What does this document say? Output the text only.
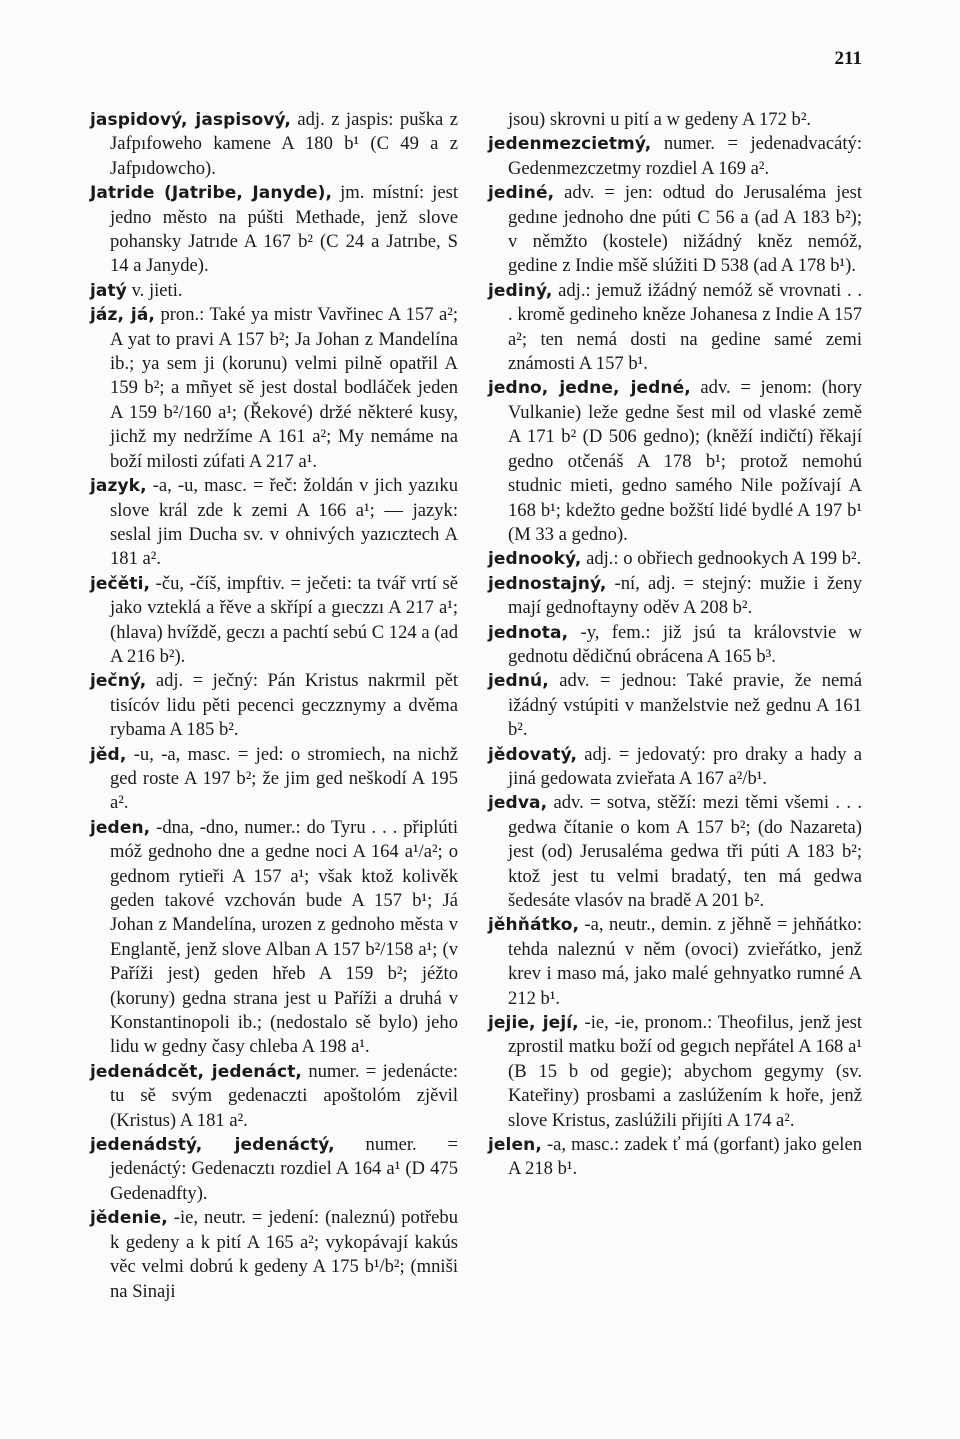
211

jaspidový, jaspisový, adj. z jaspis: puška z Jafpıfoweho kamene A 180 b¹ (C 49 a z Jafpıdowcho).

Jatride (Jatribe, Janyde), jm. místní: jest jedno město na púšti Methade, jenž slove pohansky Jatrıde A 167 b² (C 24 a Jatrıbe, S 14 a Janyde).

jatý v. jieti.

jáz, já, pron.: Také ya mistr Vavřinec A 157 a²; A yat to pravi A 157 b²; Ja Johan z Mandelína ib.; ya sem ji (korunu) velmi pilně opatřil A 159 b²; a mñyet sě jest dostal bodláček jeden A 159 b²/160 a¹; (Řekové) držé některé kusy, jichž my nedržíme A 161 a²; My nemáme na boží milosti zúfati A 217 a¹.

jazyk, -a, -u, masc. = řeč: žoldán v jich yazıku slove král zde k zemi A 166 a¹; — jazyk: seslal jim Ducha sv. v ohnivých yazıcztech A 181 a².

ječěti, -ču, -číš, impftiv. = ječeti: ta tvář vrtí sě jako vzteklá a řěve a skřípí a gıeczzı A 217 a¹; (hlava) hvíždě, geczı a pachtí sebú C 124 a (ad A 216 b²).

ječný, adj. = ječný: Pán Kristus nakrmil pět tisícóv lidu pěti pecenci geczznymy a dvěma rybama A 185 b².

jěd, -u, -a, masc. = jed: o stromiech, na nichž ged roste A 197 b²; že jim ged neškodí A 195 a².

jeden, -dna, -dno, numer.: do Tyru . . . připlúti móž gednoho dne a gedne noci A 164 a¹/a²; o gednom rytieři A 157 a¹; však ktož kolivěk geden takové vzchován bude A 157 b¹; Já Johan z Mandelína, urozen z gednoho města v Englantě, jenž slove Alban A 157 b²/158 a¹; (v Paříži jest) geden hřeb A 159 b²; jéžto (koruny) gedna strana jest u Paříži a druhá v Konstantinopoli ib.; (nedostalo sě bylo) jeho lidu w gedny časy chleba A 198 a¹.

jedenádcět, jedenáct, numer. = jedenácte: tu sě svým gedenaczti apoštolóm zjěvil (Kristus) A 181 a².

jedenádstý, jedenáctý, numer. = jedenáctý: Gedenacztı rozdiel A 164 a¹ (D 475 Gedenadfty).

jědenie, -ie, neutr. = jedení: (naleznú) potřebu k gedeny a k pití A 165 a²; vykopávají kakús věc velmi dobrú k gedeny A 175 b¹/b²; (mniši na Sinaji

jsou) skrovni u pití a w gedeny A 172 b².

jedenmezcietmý, numer. = jedenadvacátý: Gedenmezczetmy rozdiel A 169 a².

jediné, adv. = jen: odtud do Jerusaléma jest gedıne jednoho dne púti C 56 a (ad A 183 b²); v němžto (kostele) nižádný kněz nemóž, gedine z Indie mšě slúžiti D 538 (ad A 178 b¹).

jediný, adj.: jemuž ižádný nemóž sě vrovnati . . . kromě gedineho kněze Johanesa z Indie A 157 a²; ten nemá dosti na gedine samé zemi známosti A 157 b¹.

jedno, jedne, jedné, adv. = jenom: (hory Vulkanie) leže gedne šest mil od vlaské země A 171 b² (D 506 gedno); (kněží indičtí) řěkají gedno otčenáš A 178 b¹; protož nemohú studnic mieti, gedno saméhо Nile požívají A 168 b¹; kdežto gedne božští lidé bydlé A 197 b¹ (M 33 a gedno).

jednooký, adj.: o obřiech gednookych A 199 b².

jednostajný, -ní, adj. = stejný: mužie i ženy mají gednoftayny oděv A 208 b².

jednota, -y, fem.: již jsú ta královstvie w gednotu dědičnú obrácena A 165 b³.

jednú, adv. = jednou: Také pravie, že nemá ižádný vstúpiti v manželstvie než gednu A 161 b².

jědovatý, adj. = jedovatý: pro draky a hady a jiná gedowata zvieřata A 167 a²/b¹.

jedva, adv. = sotva, stěží: mezi těmi všemi . . . gedwa čítanie o kom A 157 b²; (do Nazareta) jest (od) Jerusaléma gedwa tři púti A 183 b²; ktož jest tu velmi bradatý, ten má gedwa šedesáte vlasóv na bradě A 201 b².

jěhňátko, -a, neutr., demin. z jěhně = jehňátko: tehda naleznú v něm (ovoci) zvieřátko, jenž krev i maso má, jako malé gehnyatko rumné A 212 b¹.

jejie, její, -ie, -ie, pronom.: Theofilus, jenž jest zprostil matku boží od gegıch nepřátel A 168 a¹ (B 15 b od gegie); abychom gegymy (sv. Kateřiny) prosbami a zaslúžením k hoře, jenž slove Kristus, zaslúžili přijíti A 174 a².

jelen, -a, masc.: zadek ť má (gorfant) jako gelen A 218 b¹.
